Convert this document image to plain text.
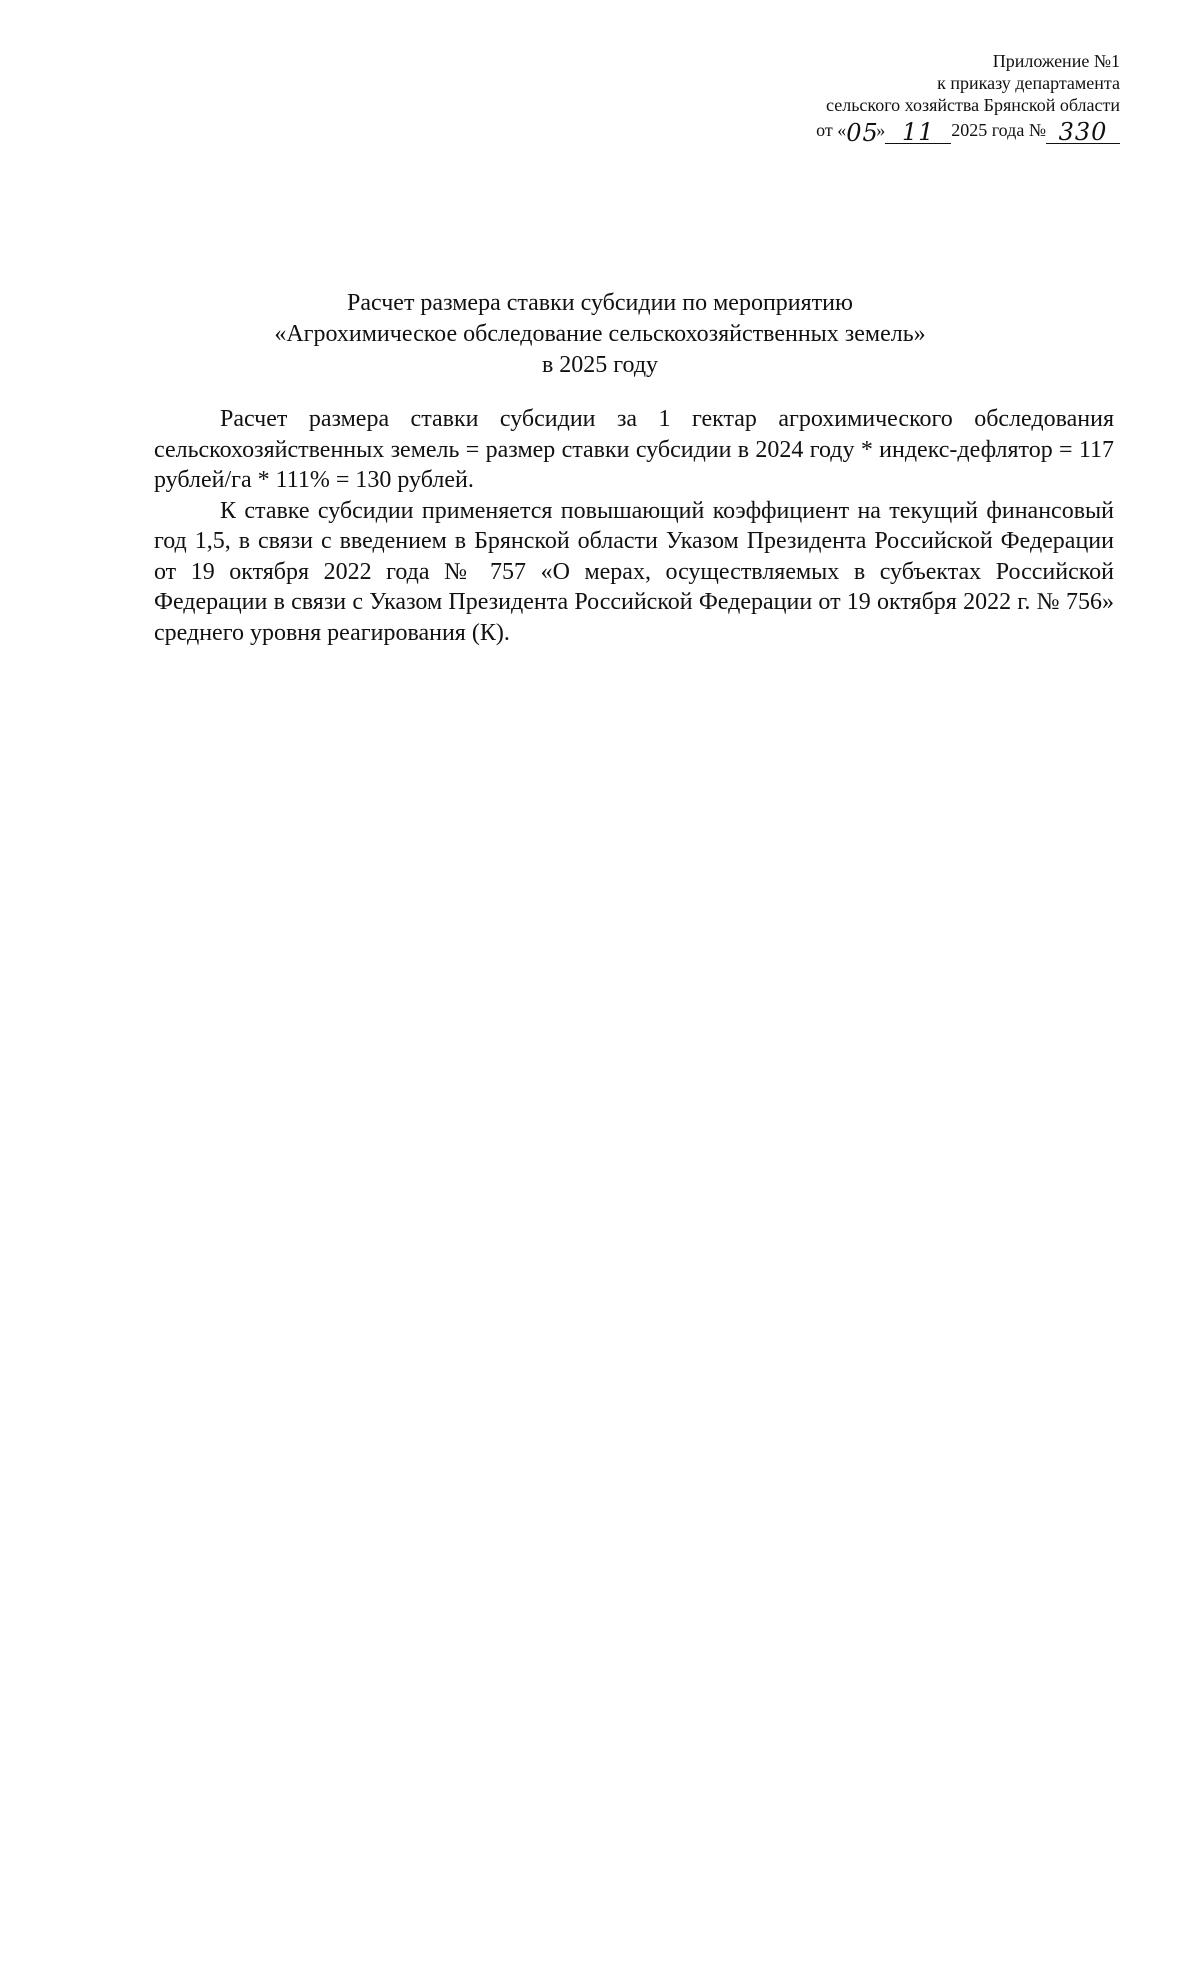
Приложение №1
к приказу департамента
сельского хозяйства Брянской области
от «05» 11 2025 года № 330
Расчет размера ставки субсидии по мероприятию
«Агрохимическое обследование сельскохозяйственных земель»
в 2025 году

Расчет размера ставки субсидии за 1 гектар агрохимического обследования сельскохозяйственных земель = размер ставки субсидии в 2024 году * индекс-дефлятор = 117 рублей/га * 111% = 130 рублей.

К ставке субсидии применяется повышающий коэффициент на текущий финансовый год 1,5, в связи с введением в Брянской области Указом Президента Российской Федерации от 19 октября 2022 года № 757 «О мерах, осуществляемых в субъектах Российской Федерации в связи с Указом Президента Российской Федерации от 19 октября 2022 г. № 756» среднего уровня реагирования (К).
